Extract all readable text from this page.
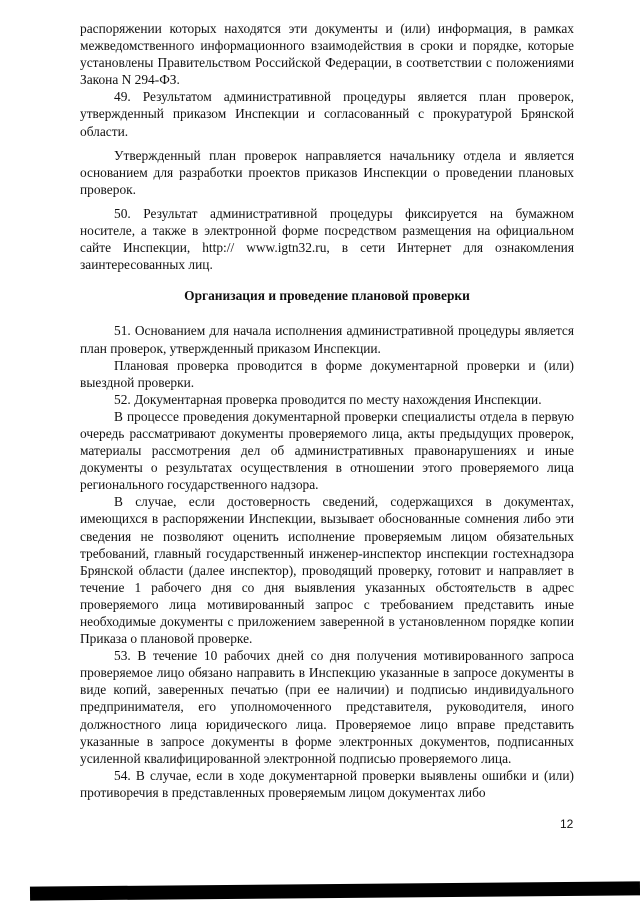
распоряжении которых находятся эти документы и (или) информация, в рамках межведомственного информационного взаимодействия в сроки и порядке, которые установлены Правительством Российской Федерации, в соответствии с положениями Закона N 294-ФЗ.

49. Результатом административной процедуры является план проверок, утвержденный приказом Инспекции и согласованный с прокуратурой Брянской области.

Утвержденный план проверок направляется начальнику отдела и является основанием для разработки проектов приказов Инспекции о проведении плановых проверок.

50. Результат административной процедуры фиксируется на бумажном носителе, а также в электронной форме посредством размещения на официальном сайте Инспекции, http:// www.igtn32.ru, в сети Интернет для ознакомления заинтересованных лиц.

Организация и проведение плановой проверки

51. Основанием для начала исполнения административной процедуры является план проверок, утвержденный приказом Инспекции.

Плановая проверка проводится в форме документарной проверки и (или) выездной проверки.

52. Документарная проверка проводится по месту нахождения Инспекции.

В процессе проведения документарной проверки специалисты отдела в первую очередь рассматривают документы проверяемого лица, акты предыдущих проверок, материалы рассмотрения дел об административных правонарушениях и иные документы о результатах осуществления в отношении этого проверяемого лица регионального государственного надзора.

В случае, если достоверность сведений, содержащихся в документах, имеющихся в распоряжении Инспекции, вызывает обоснованные сомнения либо эти сведения не позволяют оценить исполнение проверяемым лицом обязательных требований, главный государственный инженер-инспектор инспекции гостехнадзора Брянской области (далее инспектор), проводящий проверку, готовит и направляет в течение 1 рабочего дня со дня выявления указанных обстоятельств в адрес проверяемого лица мотивированный запрос с требованием представить иные необходимые документы с приложением заверенной в установленном порядке копии Приказа о плановой проверке.

53. В течение 10 рабочих дней со дня получения мотивированного запроса проверяемое лицо обязано направить в Инспекцию указанные в запросе документы в виде копий, заверенных печатью (при ее наличии) и подписью индивидуального предпринимателя, его уполномоченного представителя, руководителя, иного должностного лица юридического лица. Проверяемое лицо вправе представить указанные в запросе документы в форме электронных документов, подписанных усиленной квалифицированной электронной подписью проверяемого лица.

54. В случае, если в ходе документарной проверки выявлены ошибки и (или) противоречия в представленных проверяемым лицом документах либо

12
